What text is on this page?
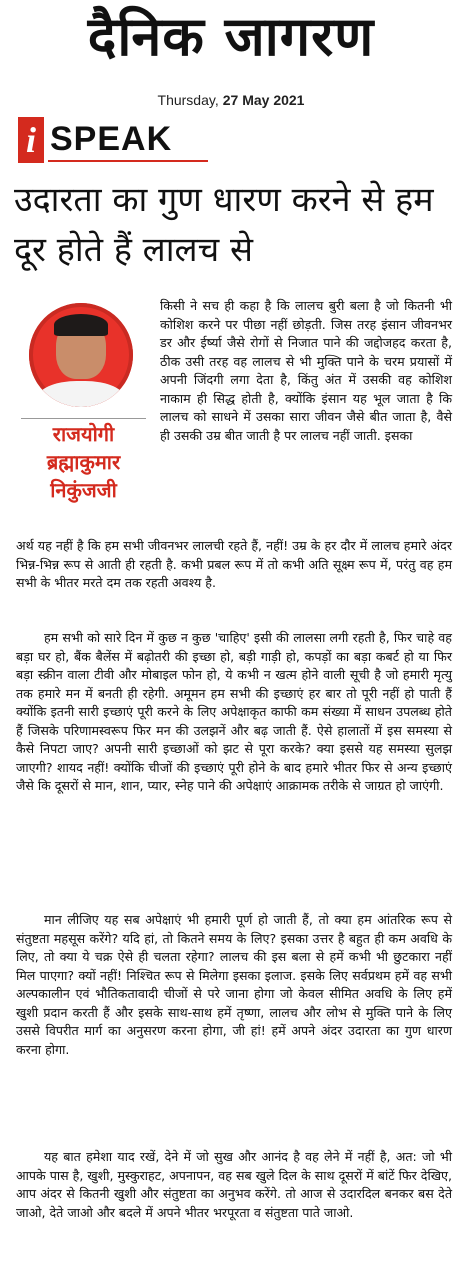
दैनिक जागरण
Thursday, 27 May 2021
i SPEAK
उदारता का गुण धारण करने से हम दूर होते हैं लालच से
राजयोगी ब्रह्माकुमार निकुंजजी

किसी ने सच ही कहा है कि लालच बुरी बला है जो कितनी भी कोशिश करने पर पीछा नहीं छोड़ती. जिस तरह इंसान जीवनभर डर और ईर्ष्या जैसे रोगों से निजात पाने की जद्दोजहद करता है, ठीक उसी तरह वह लालच से भी मुक्ति पाने के चरम प्रयासों में अपनी जिंदगी लगा देता है, किंतु अंत में उसकी वह कोशिश नाकाम ही सिद्ध होती है, क्योंकि इंसान यह भूल जाता है कि लालच को साधने में उसका सारा जीवन जैसे बीत जाता है, वैसे ही उसकी उम्र बीत जाती है पर लालच नहीं जाती. इसका

अर्थ यह नहीं है कि हम सभी जीवनभर लालची रहते हैं, नहीं! उम्र के हर दौर में लालच हमारे अंदर भिन्न-भिन्न रूप से आती ही रहती है. कभी प्रबल रूप में तो कभी अति सूक्ष्म रूप में, परंतु वह हम सभी के भीतर मरते दम तक रहती अवश्य है.

हम सभी को सारे दिन में कुछ न कुछ 'चाहिए' इसी की लालसा लगी रहती है, फिर चाहे वह बड़ा घर हो, बैंक बैलेंस में बढ़ोतरी की इच्छा हो, बड़ी गाड़ी हो, कपड़ों का बड़ा कबर्ट हो या फिर बड़ा स्क्रीन वाला टीवी और मोबाइल फोन हो, ये कभी न खत्म होने वाली सूची है जो हमारी मृत्यु तक हमारे मन में बनती ही रहेगी. अमूमन हम सभी की इच्छाएं हर बार तो पूरी नहीं हो पाती हैं क्योंकि इतनी सारी इच्छाएं पूरी करने के लिए अपेक्षाकृत काफी कम संख्या में साधन उपलब्ध होते हैं जिसके परिणामस्वरूप फिर मन की उलझनें और बढ़ जाती हैं. ऐसे हालातों में इस समस्या से कैसे निपटा जाए? अपनी सारी इच्छाओं को झट से पूरा करके? क्या इससे यह समस्या सुलझ जाएगी? शायद नहीं! क्योंकि चीजों की इच्छाएं पूरी होने के बाद हमारे भीतर फिर से अन्य इच्छाएं जैसे कि दूसरों से मान, शान, प्यार, स्नेह पाने की अपेक्षाएं आक्रामक तरीके से जाग्रत हो जाएंगी.

मान लीजिए यह सब अपेक्षाएं भी हमारी पूर्ण हो जाती हैं, तो क्या हम आंतरिक रूप से संतुष्टता महसूस करेंगे? यदि हां, तो कितने समय के लिए? इसका उत्तर है बहुत ही कम अवधि के लिए, तो क्या ये चक्र ऐसे ही चलता रहेगा? लालच की इस बला से हमें कभी भी छुटकारा नहीं मिल पाएगा? क्यों नहीं! निश्चित रूप से मिलेगा इसका इलाज. इसके लिए सर्वप्रथम हमें वह सभी अल्पकालीन एवं भौतिकतावादी चीजों से परे जाना होगा जो केवल सीमित अवधि के लिए हमें खुशी प्रदान करती हैं और इसके साथ-साथ हमें तृष्णा, लालच और लोभ से मुक्ति पाने के लिए उससे विपरीत मार्ग का अनुसरण करना होगा, जी हां! हमें अपने अंदर उदारता का गुण धारण करना होगा.

यह बात हमेशा याद रखें, देने में जो सुख और आनंद है वह लेने में नहीं है, अत: जो भी आपके पास है, खुशी, मुस्कुराहट, अपनापन, वह सब खुले दिल के साथ दूसरों में बांटें फिर देखिए, आप अंदर से कितनी खुशी और संतुष्टता का अनुभव करेंगे. तो आज से उदारदिल बनकर बस देते जाओ, देते जाओ और बदले में अपने भीतर भरपूरता व संतुष्टता पाते जाओ.
